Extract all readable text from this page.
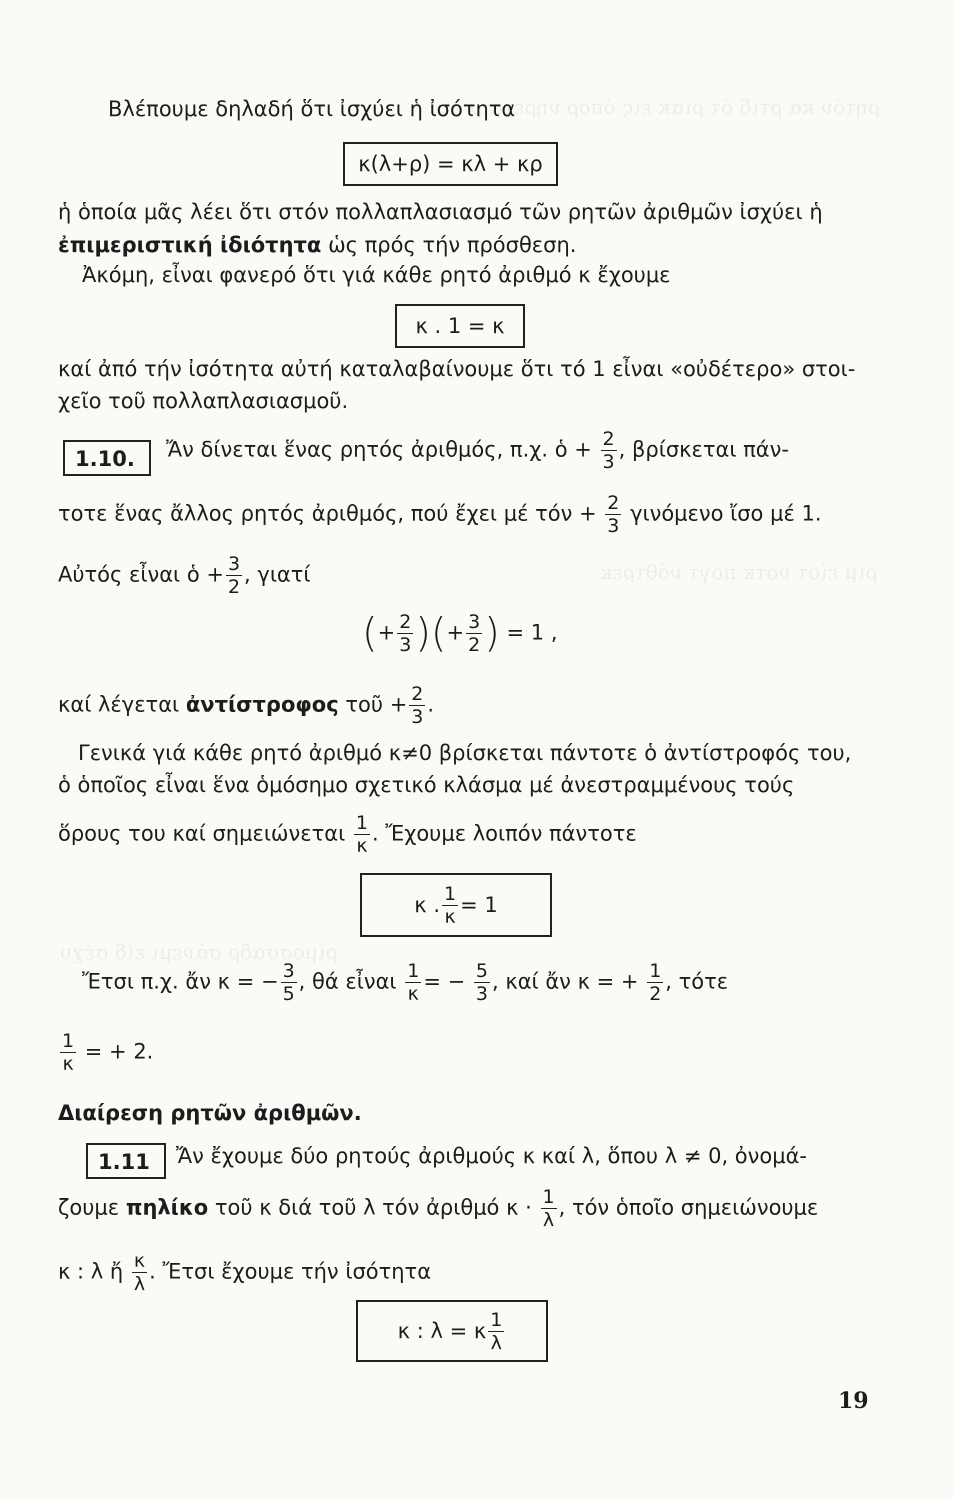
ρητόν κα ρτιδ ότ ριακ εις όπορ νηρεταιρ
ριμ είοτ νοτκ πογτ νόθτρεκ
ρίμοσσαδρ σάνεμι είδ σέχυ
Βλέπουμε δηλαδή ὅτι ἰσχύει ἡ ἰσότητα
κ(λ+ρ) = κλ + κρ
ἡ ὁποία μᾶς λέει ὅτι στόν πολλαπλασιασμό τῶν ρητῶν ἀριθμῶν ἰσχύει ἡ
ἐπιμεριστική ἰδιότητα ὡς πρός τήν πρόσθεση.
Ἀκόμη, εἶναι φανερό ὅτι γιά κάθε ρητό ἀριθμό κ ἔχουμε
κ . 1 = κ
καί ἀπό τήν ἰσότητα αὐτή καταλαβαίνουμε ὅτι τό 1 εἶναι «οὐδέτερο» στοι-
χεῖο τοῦ πολλαπλασιασμοῦ.
1.10.	Ἄν δίνεται ἕνας ρητός ἀριθμός, π.χ. ὁ + $\frac{2}{3}$ , βρίσκεται πάν-
τοτε ἕνας ἄλλος ρητός ἀριθμός, πού ἔχει μέ $\tau ό\nu + \frac{2}{3}$ γινόμενο ἴσο μέ 1.
Αὐτός εἶναι ὁ + $\frac{3}{2}$ , γιατί
(+ $\frac{2}{3}$ )(+ $\frac{3}{2}$ ) = 1 ,
καί λέγεται ἀντίστροφος τοῦ + $\frac{2}{3}$ .
Γενικά γιά κάθε ρητό ἀριθμό κ≠0 βρίσκεται πάντοτε ὁ ἀντίστροφός του,
ὁ ὁποῖος εἶναι ἕνα ὁμόσημο σχετικό κλάσμα μέ ἀνεστραμμένους τούς
ὅρους του καί σημειώνεται $\frac{1}{\kappa}$ . Ἔχουμε λοιπόν πάντοτε
κ . $\frac{1}{\kappa} = 1$
Ἔτσι π.χ. ἄν κ = − $\frac{3}{5}$ , θά εἶναι $\frac{1}{\kappa}$ = − $\frac{5}{3}$ , καί ἄν κ = + $\frac{1}{2}$ , τότε
$\frac{1}{\kappa}$ = + 2.
Διαίρεση ρητῶν ἀριθμῶν.
1.11	Ἄν ἔχουμε δύο ρητούς ἀριθμούς κ καί λ, ὅπου λ ≠ 0, ὀνομά-
ζουμε πηλίκο τοῦ κ διά τοῦ λ τόν ἀριθμό $\kappa \cdot \frac{1}{\lambda}$ , τόν ὁποῖο σημειώνουμε
κ : λ ἤ $\frac{\kappa}{\lambda}$ . Ἔτσι ἔχουμε τήν ἰσότητα
κ : λ = κ $\frac{1}{\lambda}$
19
